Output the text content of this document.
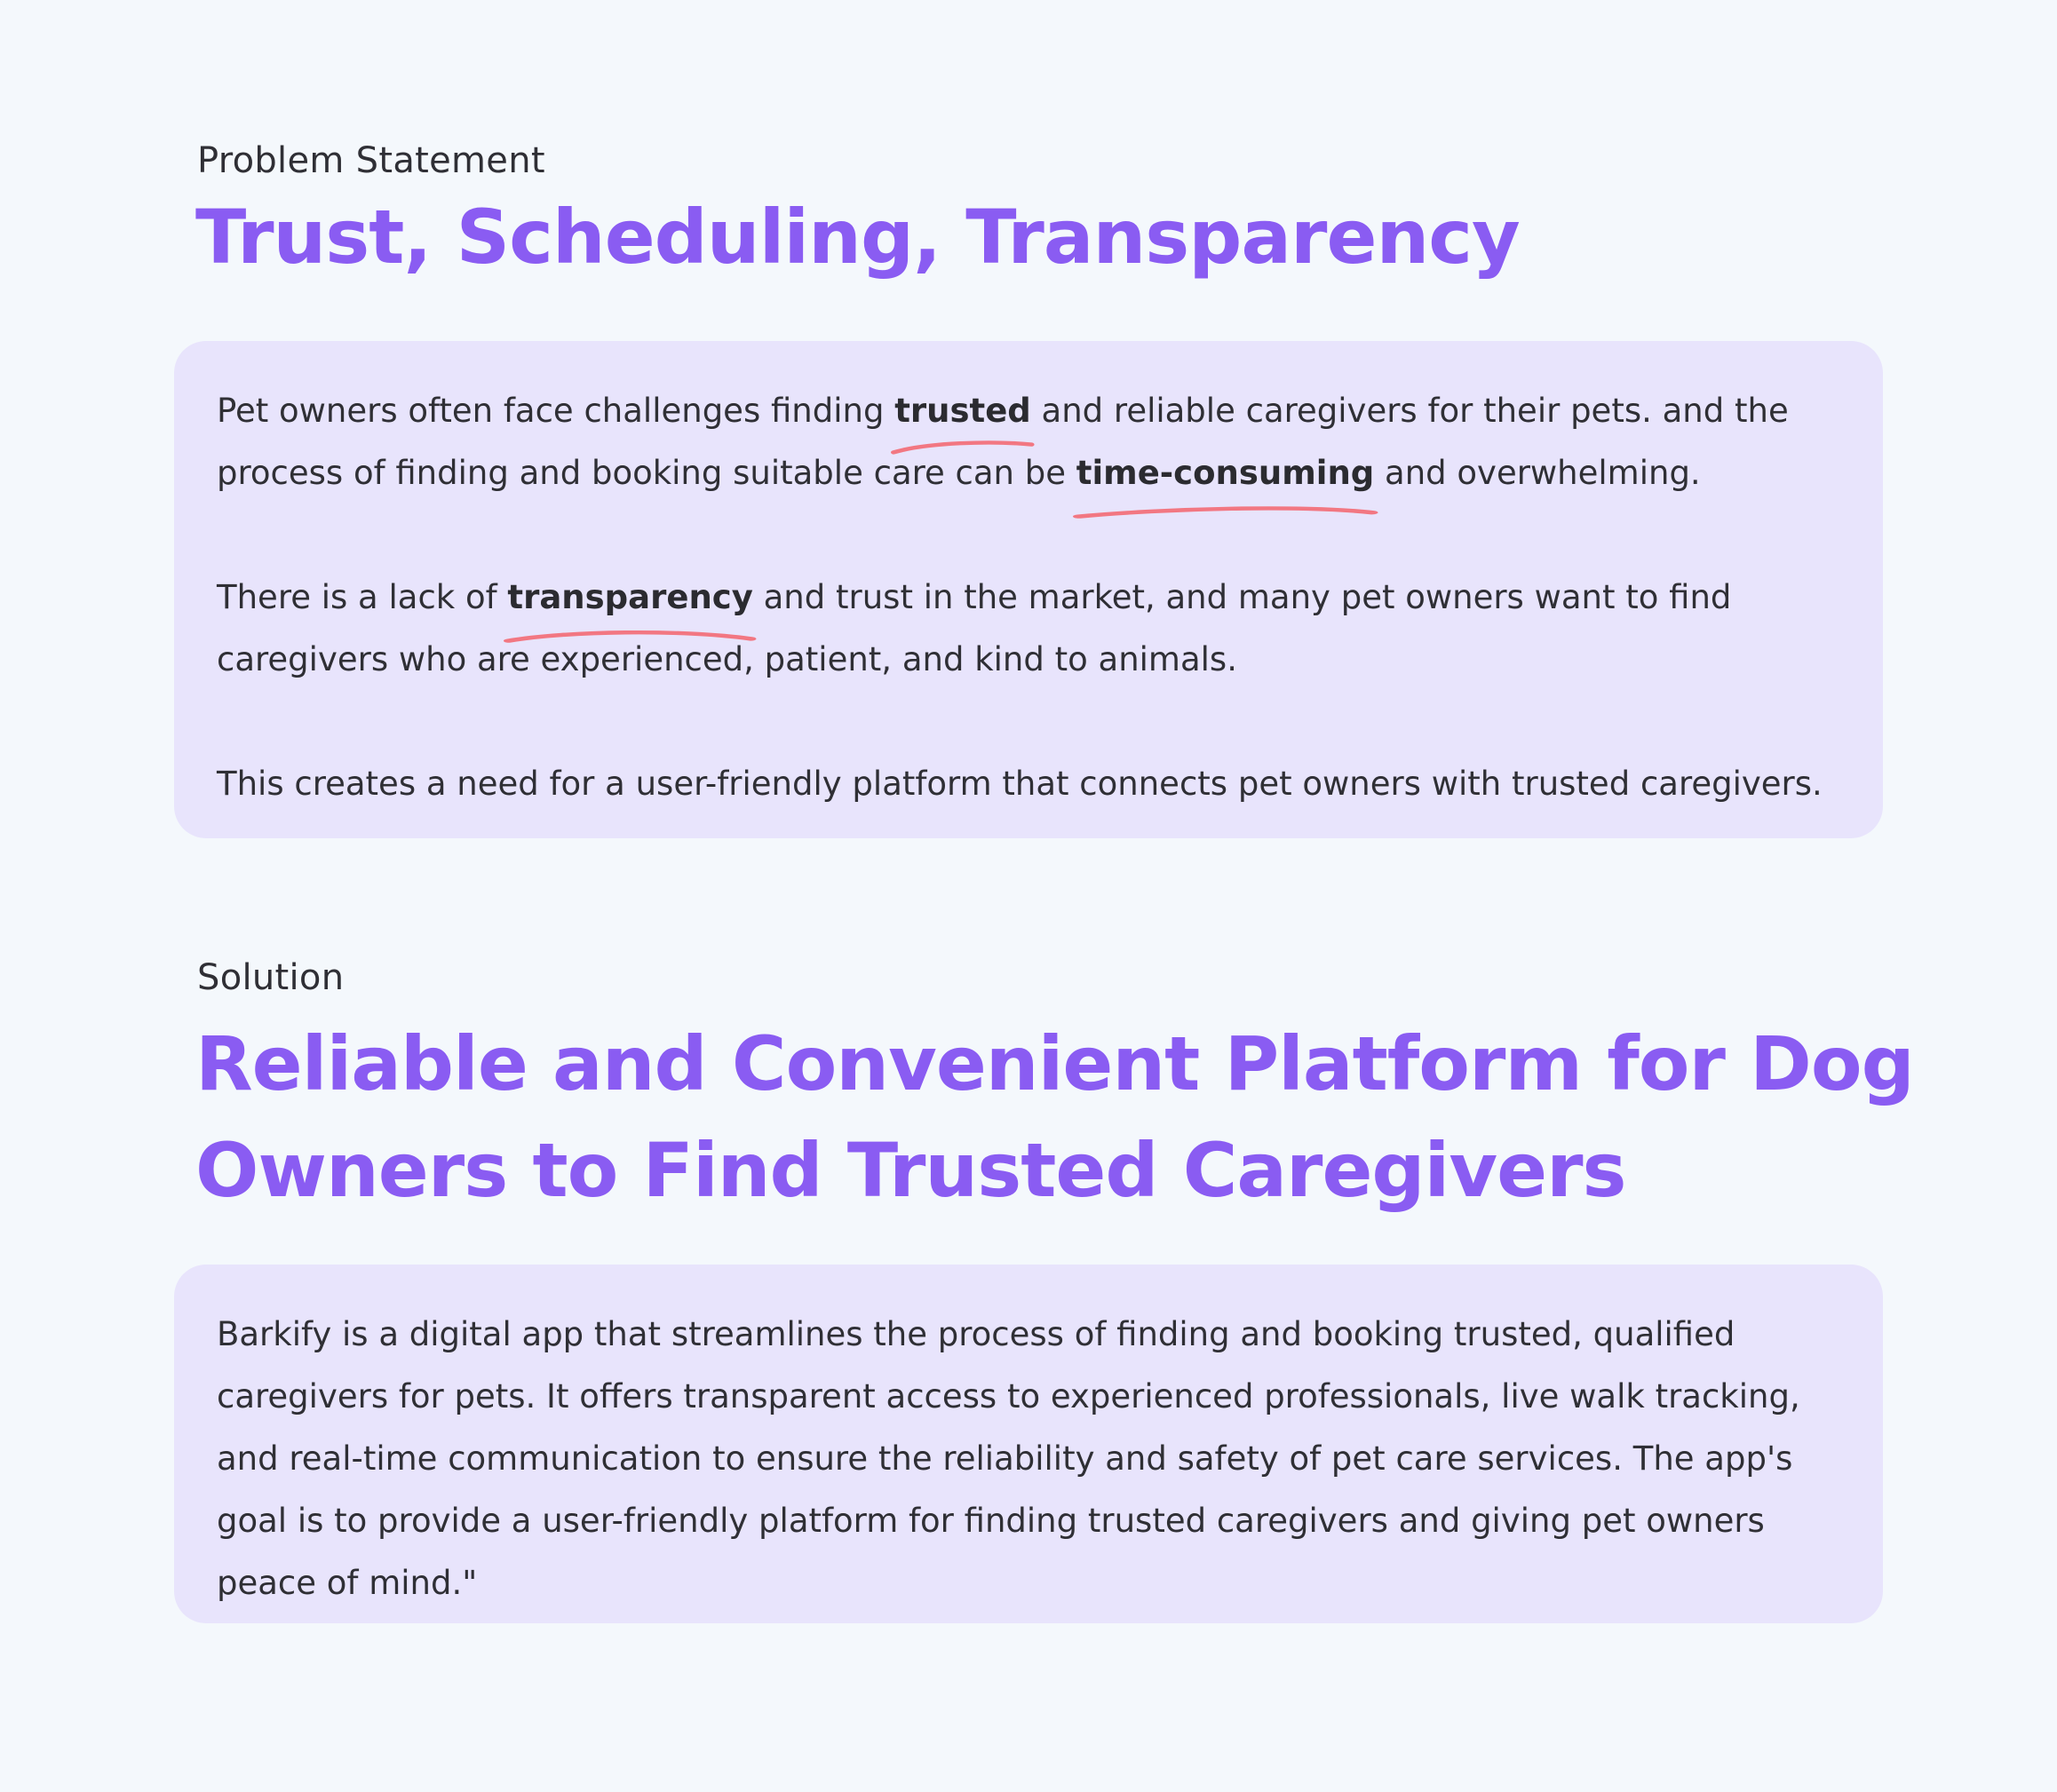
Problem Statement
Trust, Scheduling, Transparency

Pet owners often face challenges finding trusted
and reliable caregivers for their pets. and the process of finding and booking suitable care can be time-consuming
and overwhelming.

There is a lack of transparency
and trust in the market, and many pet owners want to find caregivers who are experienced, patient, and kind to animals.

This creates a need for a user-friendly platform that connects pet owners with trusted caregivers.

Solution
Reliable and Convenient Platform for Dog
Owners to Find Trusted Caregivers

Barkify is a digital app that streamlines the process of finding and booking trusted, qualified caregivers for pets. It offers transparent access to experienced professionals, live walk tracking, and real-time communication to ensure the reliability and safety of pet care services. The app's goal is to provide a user-friendly platform for finding trusted caregivers and giving pet owners peace of mind."
